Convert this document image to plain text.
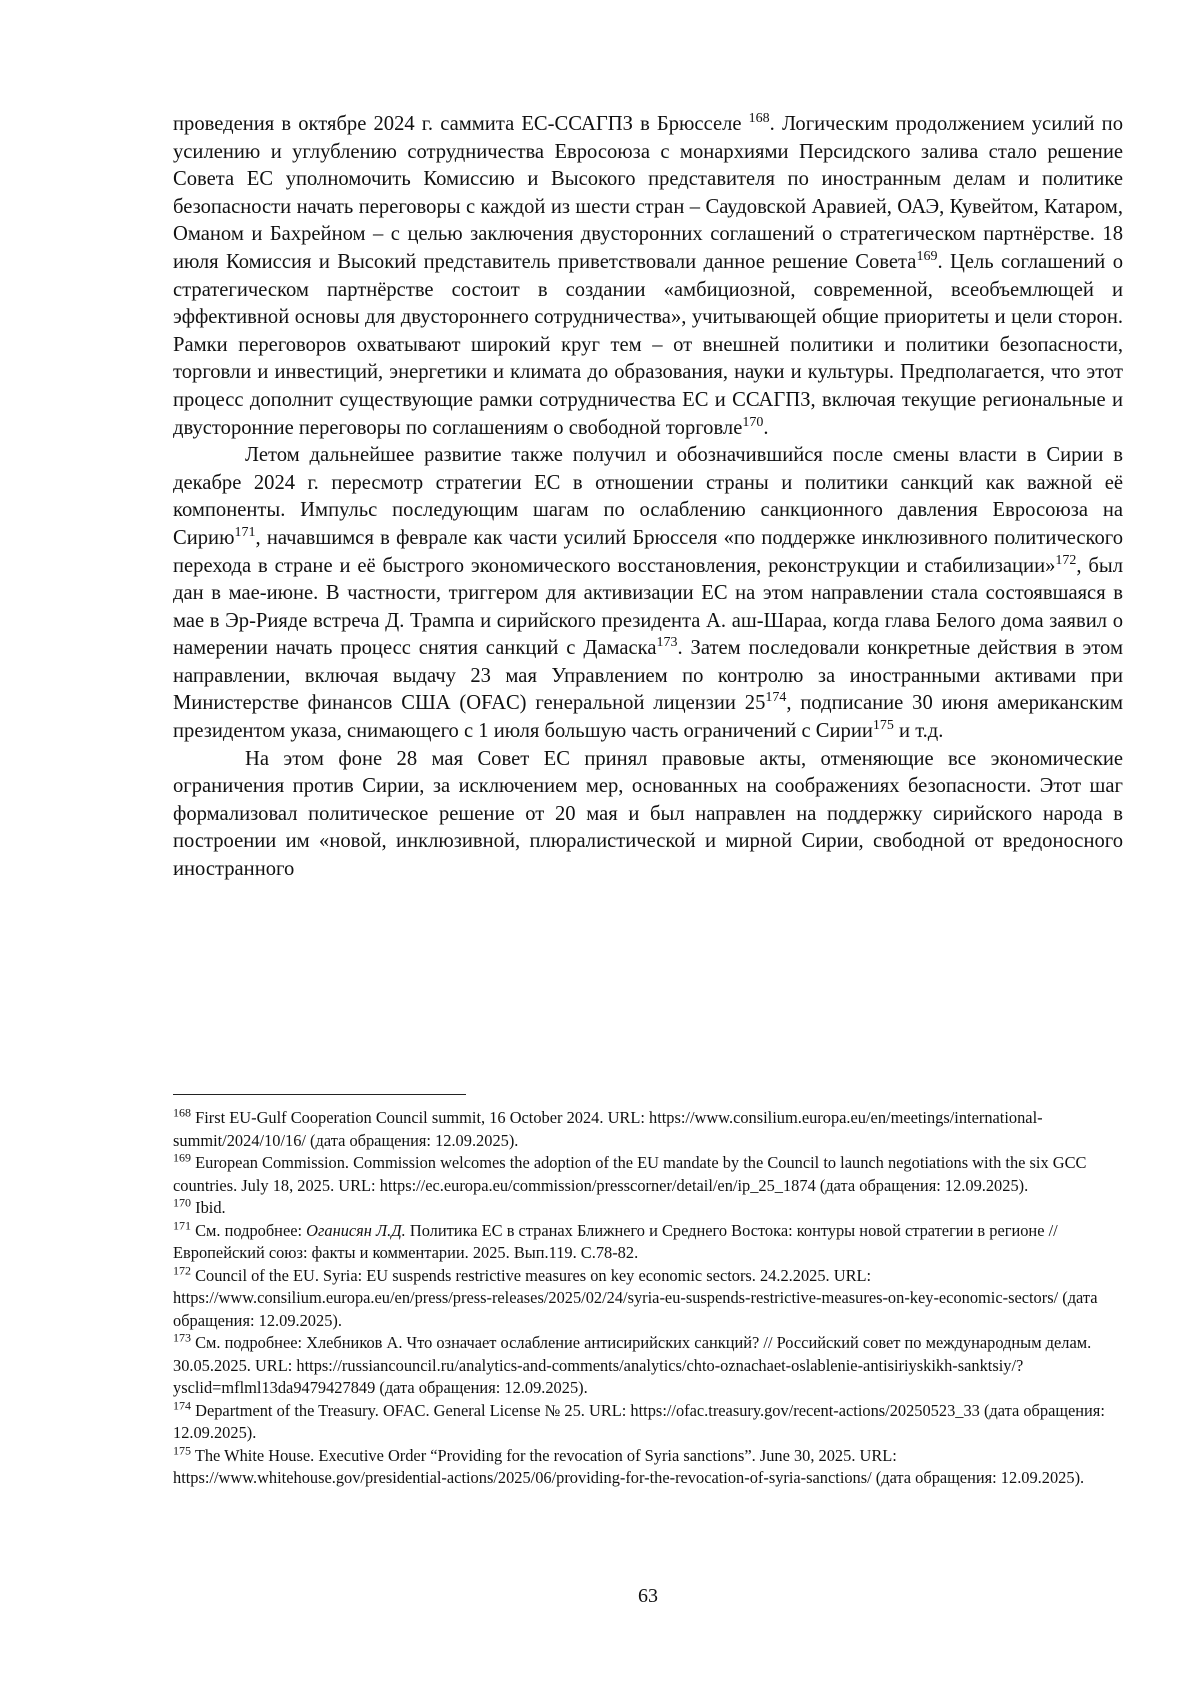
проведения в октябре 2024 г. саммита ЕС-ССАГПЗ в Брюсселе $^{168}$. Логическим продолжением усилий по усилению и углублению сотрудничества Евросоюза с монархиями Персидского залива стало решение Совета ЕС уполномочить Комиссию и Высокого представителя по иностранным делам и политике безопасности начать переговоры с каждой из шести стран – Саудовской Аравией, ОАЭ, Кувейтом, Катаром, Оманом и Бахрейном – с целью заключения двусторонних соглашений о стратегическом партнёрстве. 18 июля Комиссия и Высокий представитель приветствовали данное решение Совета$^{169}$. Цель соглашений о стратегическом партнёрстве состоит в создании «амбициозной, современной, всеобъемлющей и эффективной основы для двустороннего сотрудничества», учитывающей общие приоритеты и цели сторон. Рамки переговоров охватывают широкий круг тем – от внешней политики и политики безопасности, торговли и инвестиций, энергетики и климата до образования, науки и культуры. Предполагается, что этот процесс дополнит существующие рамки сотрудничества ЕС и ССАГПЗ, включая текущие региональные и двусторонние переговоры по соглашениям о свободной торговле$^{170}$.

Летом дальнейшее развитие также получил и обозначившийся после смены власти в Сирии в декабре 2024 г. пересмотр стратегии ЕС в отношении страны и политики санкций как важной её компоненты. Импульс последующим шагам по ослаблению санкционного давления Евросоюза на Сирию$^{171}$, начавшимся в феврале как части усилий Брюсселя «по поддержке инклюзивного политического перехода в стране и её быстрого экономического восстановления, реконструкции и стабилизации»$^{172}$, был дан в мае-июне. В частности, триггером для активизации ЕС на этом направлении стала состоявшаяся в мае в Эр-Рияде встреча Д. Трампа и сирийского президента А. аш-Шараа, когда глава Белого дома заявил о намерении начать процесс снятия санкций с Дамаска$^{173}$. Затем последовали конкретные действия в этом направлении, включая выдачу 23 мая Управлением по контролю за иностранными активами при Министерстве финансов США (OFAC) генеральной лицензии $25^{174}$, подписание 30 июня американским президентом указа, снимающего с 1 июля большую часть ограничений с Сирии$^{175}$ и т.д.

На этом фоне 28 мая Совет ЕС принял правовые акты, отменяющие все экономические ограничения против Сирии, за исключением мер, основанных на соображениях безопасности. Этот шаг формализовал политическое решение от 20 мая и был направлен на поддержку сирийского народа в построении им «новой, инклюзивной, плюралистической и мирной Сирии, свободной от вредоносного иностранного

$^{168}$ First EU-Gulf Cooperation Council summit, 16 October 2024. URL: https://www.consilium.europa.eu/en/meetings/international-summit/2024/10/16/ (дата обращения: 12.09.2025).

$^{169}$ European Commission. Commission welcomes the adoption of the EU mandate by the Council to launch negotiations with the six GCC countries. July 18, 2025. URL: https://ec.europa.eu/commission/presscorner/detail/en/ip_25_1874 (дата обращения: 12.09.2025).

$^{170}$ Ibid.

$^{171}$ См. подробнее: Оганисян Л.Д. Политика ЕС в странах Ближнего и Среднего Востока: контуры новой стратегии в регионе // Европейский союз: факты и комментарии. 2025. Вып.119. С.78-82.

$^{172}$ Council of the EU. Syria: EU suspends restrictive measures on key economic sectors. 24.2.2025. URL: https://www.consilium.europa.eu/en/press/press-releases/2025/02/24/syria-eu-suspends-restrictive-measures-on-key-economic-sectors/ (дата обращения: 12.09.2025).

$^{173}$ См. подробнее: Хлебников А. Что означает ослабление антисирийских санкций? // Российский совет по международным делам. 30.05.2025. URL: https://russiancouncil.ru/analytics-and-comments/analytics/chto-oznachaet-oslablenie-antisiriyskikh-sanktsiy/?ysclid=mflml13da9479427849 (дата обращения: 12.09.2025).

$^{174}$ Department of the Treasury. OFAC. General License № 25. URL: https://ofac.treasury.gov/recent-actions/20250523_33 (дата обращения: 12.09.2025).

$^{175}$ The White House. Executive Order “Providing for the revocation of Syria sanctions”. June 30, 2025. URL: https://www.whitehouse.gov/presidential-actions/2025/06/providing-for-the-revocation-of-syria-sanctions/ (дата обращения: 12.09.2025).

63
